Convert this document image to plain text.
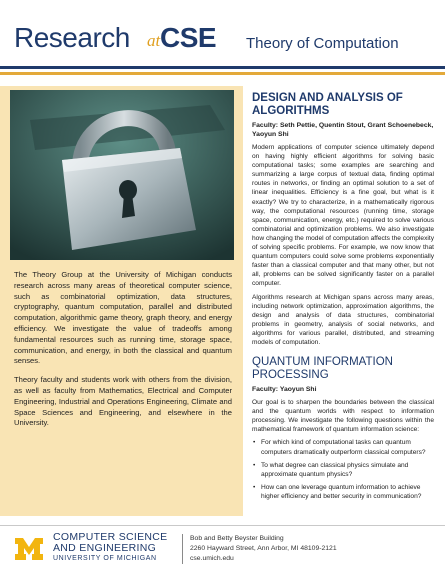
Research at CSE Theory of Computation

The Theory Group at the University of Michigan conducts research across many areas of theoretical computer science, such as combinatorial optimization, data structures, cryptography, quantum computation, parallel and distributed computation, algorithmic game theory, graph theory, and energy efficiency. We investigate the value of tradeoffs among fundamental resources such as running time, storage space, communication, and energy, in both the classical and quantum senses.

Theory faculty and students work with others from the division, as well as faculty from Mathematics, Electrical and Computer Engineering, Industrial and Operations Engineering, Climate and Space Sciences and Engineering, and elsewhere in the University.

DESIGN AND ANALYSIS OF ALGORITHMS
Faculty: Seth Pettie, Quentin Stout, Grant Schoenebeck, Yaoyun Shi

Modern applications of computer science ultimately depend on having highly efficient algorithms for solving basic computational tasks; some examples are searching and summarizing a large corpus of textual data, finding optimal routes in networks, or finding an optimal solution to a set of linear inequalities. Efficiency is a fine goal, but what is it exactly? We try to characterize, in a mathematically rigorous way, the computational resources (running time, storage space, communication, energy, etc.) required to solve various combinatorial and optimization problems. We also investigate how changing the model of computation affects the complexity of solving specific problems. For example, we now know that quantum computers could solve some problems exponentially faster than a classical computer and that many other, but not all, problems can be solved significantly faster on a parallel computer.

Algorithms research at Michigan spans across many areas, including network optimization, approximation algorithms, the design and analysis of data structures, combinatorial problems in geometry, analysis of social networks, and algorithms for various parallel, distributed, and streaming models of computation.

QUANTUM INFORMATION PROCESSING
Faculty: Yaoyun Shi

Our goal is to sharpen the boundaries between the classical and the quantum worlds with respect to information processing. We investigate the following questions within the mathematical framework of quantum information science:

• For which kind of computational tasks can quantum computers dramatically outperform classical computers?
• To what degree can classical physics simulate and approximate quantum physics?
• How can one leverage quantum information to achieve higher efficiency and better security in communication?
COMPUTER SCIENCE
AND ENGINEERING
UNIVERSITY OF MICHIGAN
Bob and Betty Beyster Building
2260 Hayward Street, Ann Arbor, MI 48109-2121
cse.umich.edu
